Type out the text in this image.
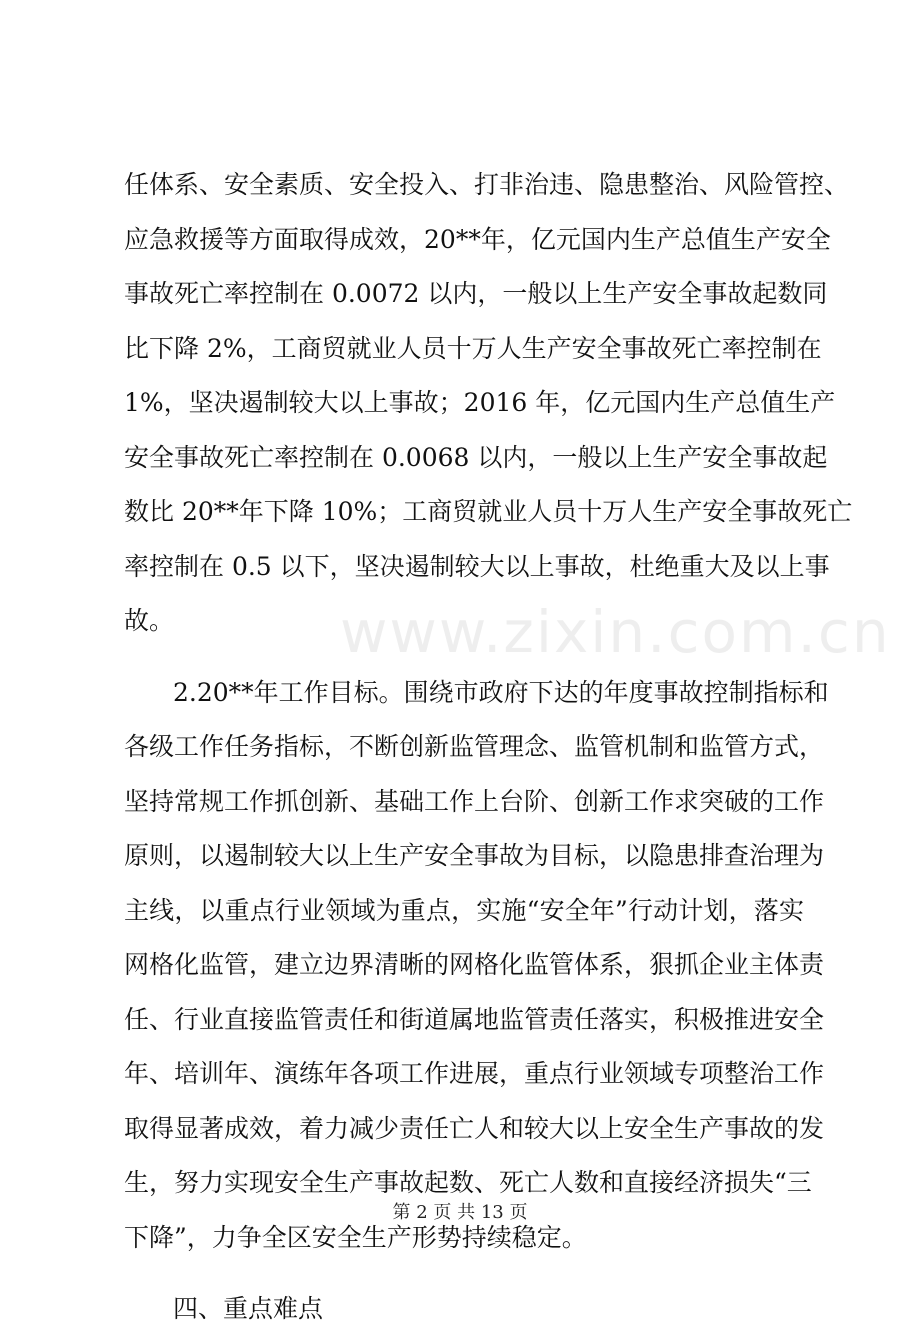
www.zixin.com.cn
任体系、安全素质、安全投入、打非治违、隐患整治、风险管控、
应急救援等方面取得成效，20**年，亿元国内生产总值生产安全
事故死亡率控制在 0.0072 以内，一般以上生产安全事故起数同
比下降 2%，工商贸就业人员十万人生产安全事故死亡率控制在
1%，坚决遏制较大以上事故；2016 年，亿元国内生产总值生产
安全事故死亡率控制在 0.0068 以内，一般以上生产安全事故起
数比 20**年下降 10%；工商贸就业人员十万人生产安全事故死亡
率控制在 0.5 以下，坚决遏制较大以上事故，杜绝重大及以上事
故。
2.20**年工作目标。围绕市政府下达的年度事故控制指标和
各级工作任务指标，不断创新监管理念、监管机制和监管方式，
坚持常规工作抓创新、基础工作上台阶、创新工作求突破的工作
原则，以遏制较大以上生产安全事故为目标，以隐患排查治理为
主线，以重点行业领域为重点，实施“安全年”行动计划，落实
网格化监管，建立边界清晰的网格化监管体系，狠抓企业主体责
任、行业直接监管责任和街道属地监管责任落实，积极推进安全
年、培训年、演练年各项工作进展，重点行业领域专项整治工作
取得显著成效，着力减少责任亡人和较大以上安全生产事故的发
生，努力实现安全生产事故起数、死亡人数和直接经济损失“三
下降”，力争全区安全生产形势持续稳定。
四、重点难点
第 2 页 共 13 页
